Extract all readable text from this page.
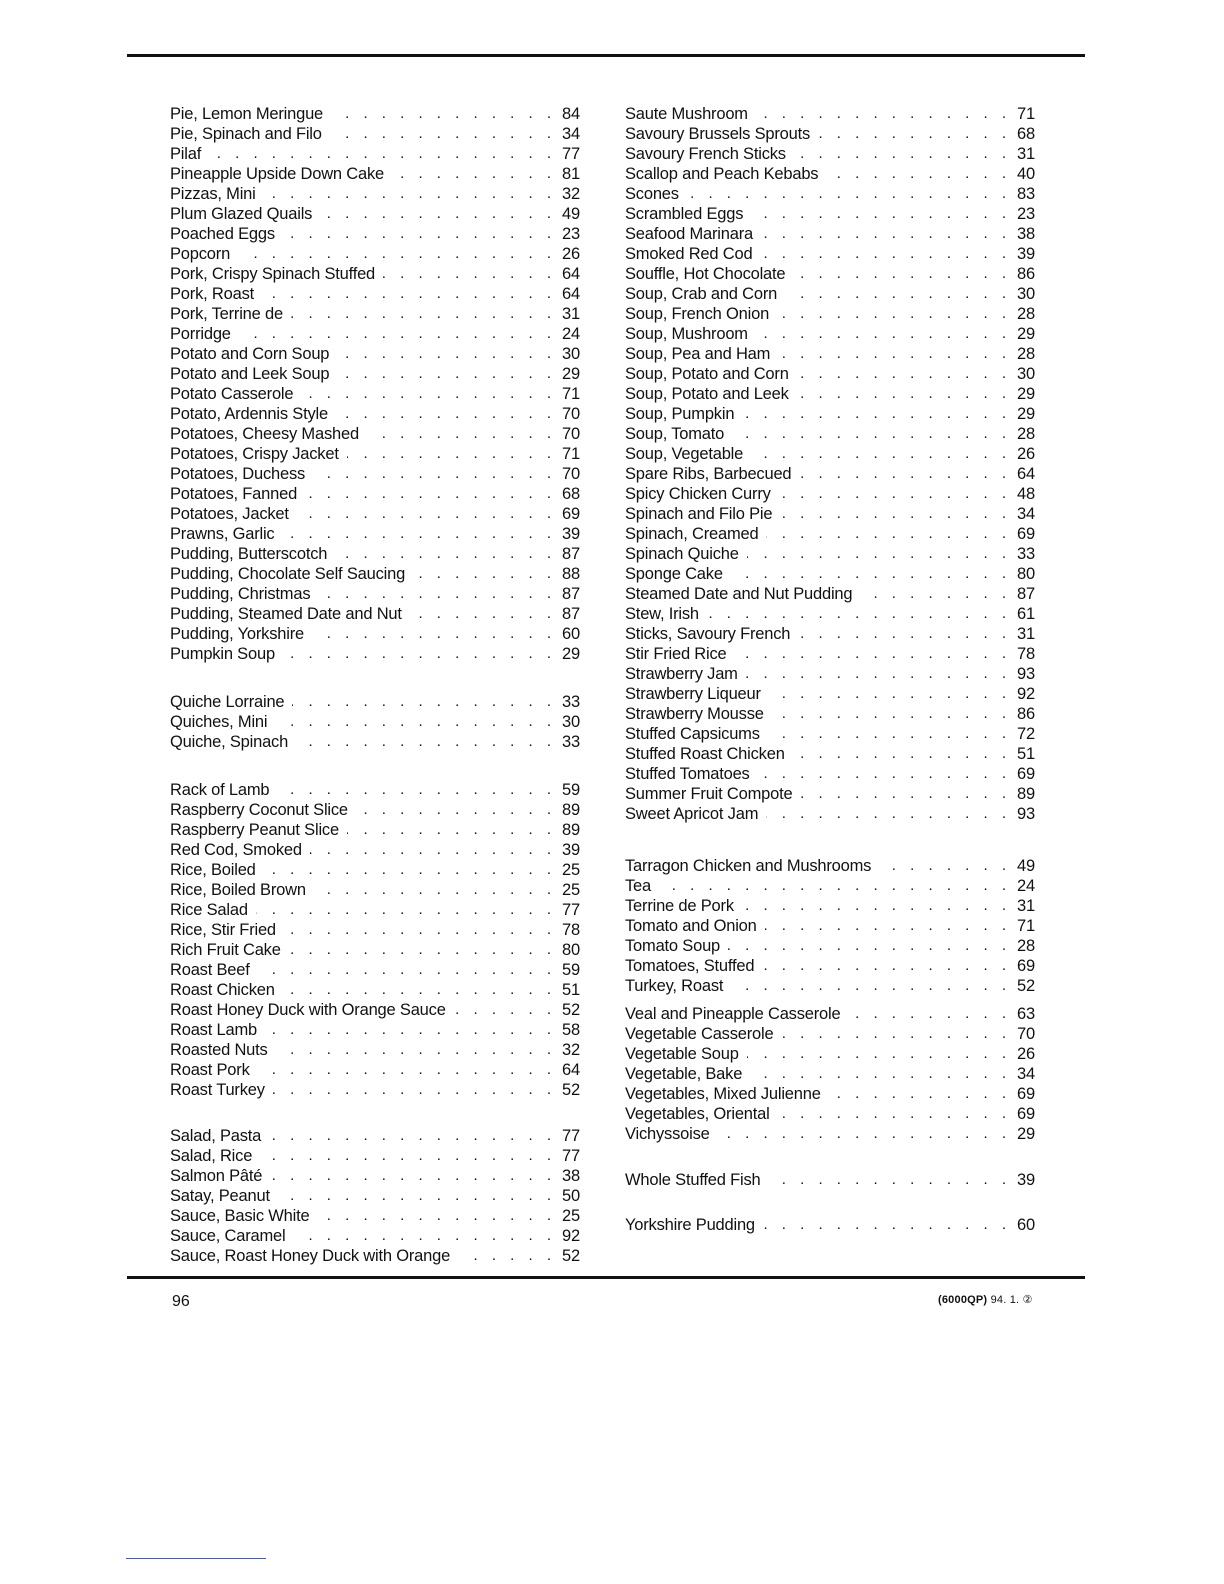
Pie, Lemon Meringue . . .	84
Pie, Spinach and Filo . . .	34
Pilaf . . .	77
Pineapple Upside Down Cake . . .	81
Pizzas, Mini . . .	32
Plum Glazed Quails . . .	49
Poached Eggs . . .	23
Popcorn . . .	26
Pork, Crispy Spinach Stuffed . . .	64
Pork, Roast . . .	64
Pork, Terrine de . . .	31
Porridge . . .	24
Potato and Corn Soup . . .	30
Potato and Leek Soup . . .	29
Potato Casserole . . .	71
Potato, Ardennis Style . . .	70
Potatoes, Cheesy Mashed . . .	70
Potatoes, Crispy Jacket . . .	71
Potatoes, Duchess . . .	70
Potatoes, Fanned . . .	68
Potatoes, Jacket . . .	69
Prawns, Garlic . . .	39
Pudding, Butterscotch . . .	87
Pudding, Chocolate Self Saucing . . .	88
Pudding, Christmas . . .	87
Pudding, Steamed Date and Nut . . .	87
Pudding, Yorkshire . . .	60
Pumpkin Soup . . .	29
Quiche Lorraine . . .	33
Quiches, Mini . . .	30
Quiche, Spinach . . .	33
Rack of Lamb . . .	59
Raspberry Coconut Slice . . .	89
Raspberry Peanut Slice . . .	89
Red Cod, Smoked . . .	39
Rice, Boiled . . .	25
Rice, Boiled Brown . . .	25
Rice Salad . . .	77
Rice, Stir Fried . . .	78
Rich Fruit Cake . . .	80
Roast Beef . . .	59
Roast Chicken . . .	51
Roast Honey Duck with Orange Sauce . . .	52
Roast Lamb . . .	58
Roasted Nuts . . .	32
Roast Pork . . .	64
Roast Turkey . . .	52
Salad, Pasta . . .	77
Salad, Rice . . .	77
Salmon Pâté . . .	38
Satay, Peanut . . .	50
Sauce, Basic White . . .	25
Sauce, Caramel . . .	92
Sauce, Roast Honey Duck with Orange . . .	52
Saute Mushroom . . .	71
Savoury Brussels Sprouts . . .	68
Savoury French Sticks . . .	31
Scallop and Peach Kebabs . . .	40
Scones . . .	83
Scrambled Eggs . . .	23
Seafood Marinara . . .	38
Smoked Red Cod . . .	39
Souffle, Hot Chocolate . . .	86
Soup, Crab and Corn . . .	30
Soup, French Onion . . .	28
Soup, Mushroom . . .	29
Soup, Pea and Ham . . .	28
Soup, Potato and Corn . . .	30
Soup, Potato and Leek . . .	29
Soup, Pumpkin . . .	29
Soup, Tomato . . .	28
Soup, Vegetable . . .	26
Spare Ribs, Barbecued . . .	64
Spicy Chicken Curry . . .	48
Spinach and Filo Pie . . .	34
Spinach, Creamed . . .	69
Spinach Quiche . . .	33
Sponge Cake . . .	80
Steamed Date and Nut Pudding . . .	87
Stew, Irish . . .	61
Sticks, Savoury French . . .	31
Stir Fried Rice . . .	78
Strawberry Jam . . .	93
Strawberry Liqueur . . .	92
Strawberry Mousse . . .	86
Stuffed Capsicums . . .	72
Stuffed Roast Chicken . . .	51
Stuffed Tomatoes . . .	69
Summer Fruit Compote . . .	89
Sweet Apricot Jam . . .	93
Tarragon Chicken and Mushrooms . . .	49
Tea . . .	24
Terrine de Pork . . .	31
Tomato and Onion . . .	71
Tomato Soup . . .	28
Tomatoes, Stuffed . . .	69
Turkey, Roast . . .	52
Veal and Pineapple Casserole . . .	63
Vegetable Casserole . . .	70
Vegetable Soup . . .	26
Vegetable, Bake . . .	34
Vegetables, Mixed Julienne . . .	69
Vegetables, Oriental . . .	69
Vichyssoise . . .	29
Whole Stuffed Fish . . .	39
Yorkshire Pudding . . .	60
96	(6000QP) 94. 1. ②
